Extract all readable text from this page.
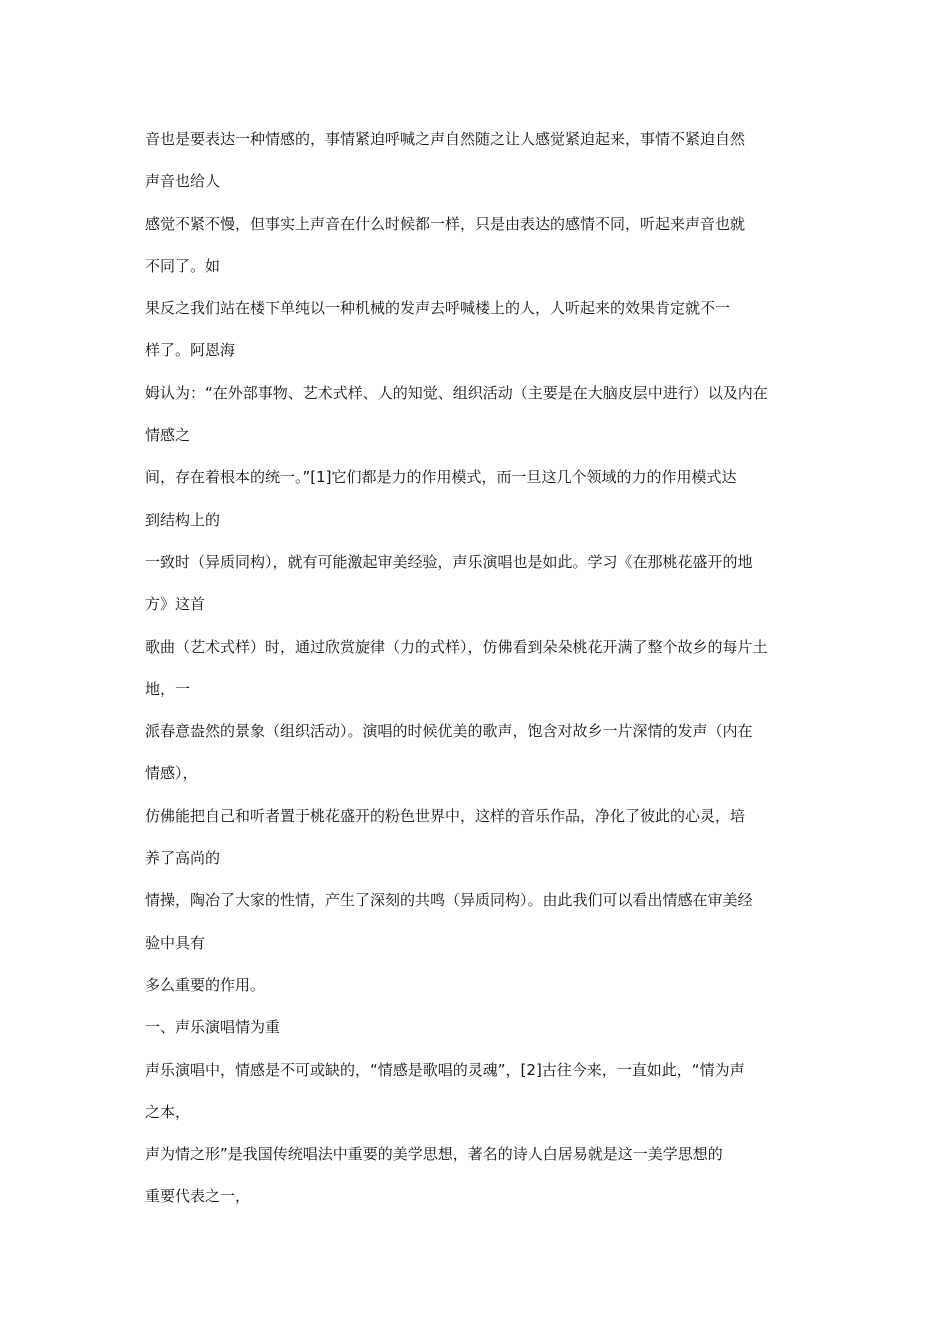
音也是要表达一种情感的，事情紧迫呼喊之声自然随之让人感觉紧迫起来，事情不紧迫自然
声音也给人
感觉不紧不慢，但事实上声音在什么时候都一样，只是由表达的感情不同，听起来声音也就
不同了。如
果反之我们站在楼下单纯以一种机械的发声去呼喊楼上的人，人听起来的效果肯定就不一
样了。阿恩海
姆认为：“在外部事物、艺术式样、人的知觉、组织活动（主要是在大脑皮层中进行）以及内在
情感之
间，存在着根本的统一。”[1]它们都是力的作用模式，而一旦这几个领域的力的作用模式达
到结构上的
一致时（异质同构），就有可能激起审美经验，声乐演唱也是如此。学习《在那桃花盛开的地
方》这首
歌曲（艺术式样）时，通过欣赏旋律（力的式样），仿佛看到朵朵桃花开满了整个故乡的每片土
地，一
派春意盎然的景象（组织活动）。演唱的时候优美的歌声，饱含对故乡一片深情的发声（内在
情感），
仿佛能把自己和听者置于桃花盛开的粉色世界中，这样的音乐作品，净化了彼此的心灵，培
养了高尚的
情操，陶冶了大家的性情，产生了深刻的共鸣（异质同构）。由此我们可以看出情感在审美经
验中具有
多么重要的作用。
一、声乐演唱情为重
声乐演唱中，情感是不可或缺的，“情感是歌唱的灵魂”，[2]古往今来，一直如此，“情为声
之本，
声为情之形”是我国传统唱法中重要的美学思想，著名的诗人白居易就是这一美学思想的
重要代表之一，
